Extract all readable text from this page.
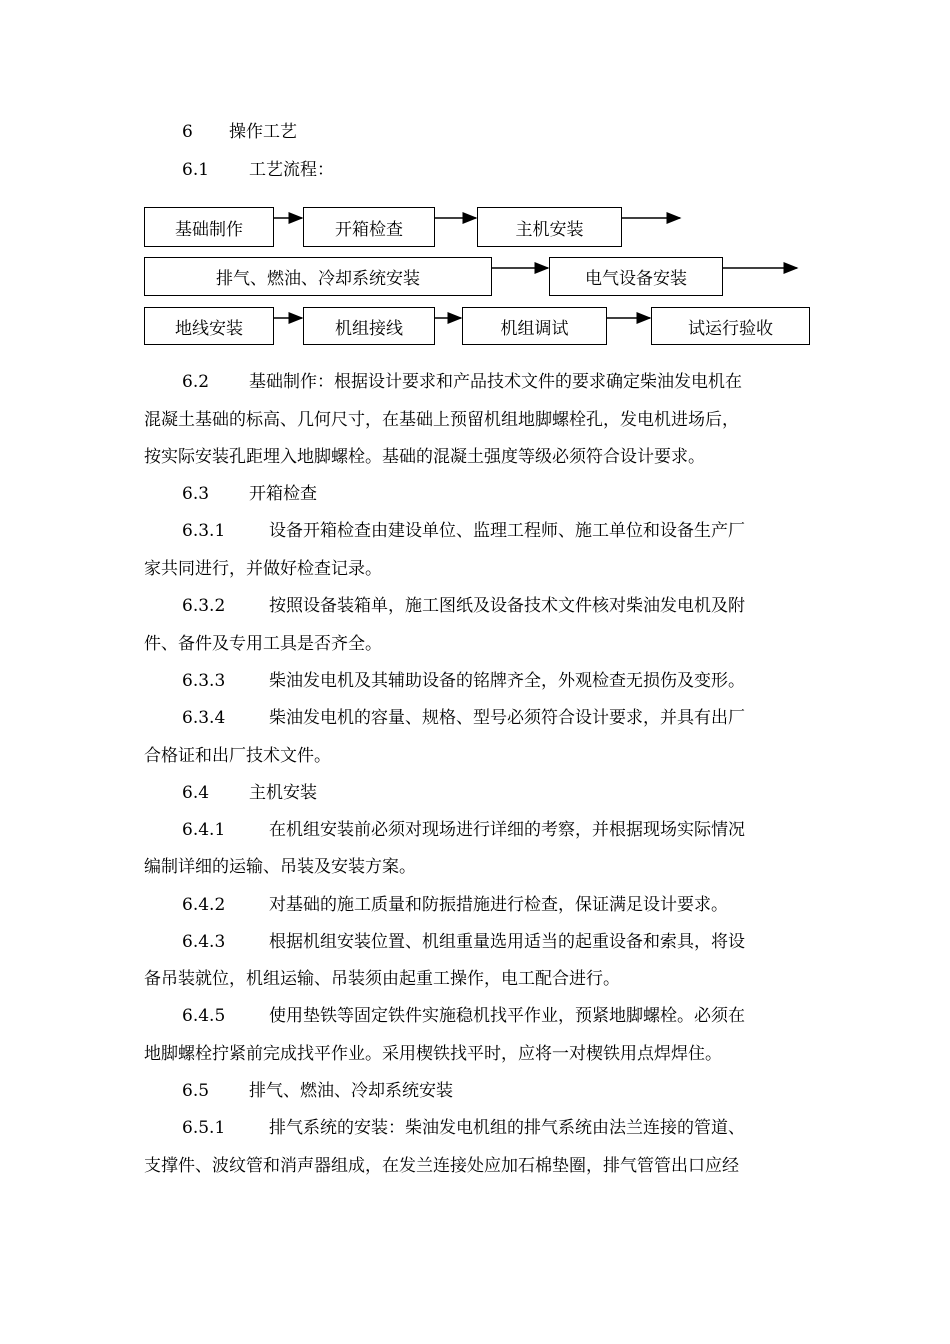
6 操作工艺
6.1 工艺流程：
基础制作	开箱检查	主机安装
排气、燃油、冷却系统安装	电气设备安装
地线安装	机组接线	机组调试	试运行验收
6.2 基础制作：根据设计要求和产品技术文件的要求确定柴油发电机在
混凝土基础的标高、几何尺寸，在基础上预留机组地脚螺栓孔，发电机进场后，
按实际安装孔距埋入地脚螺栓。基础的混凝土强度等级必须符合设计要求。
6.3 开箱检查
6.3.1	设备开箱检查由建设单位、监理工程师、施工单位和设备生产厂
家共同进行，并做好检查记录。
6.3.2	按照设备装箱单，施工图纸及设备技术文件核对柴油发电机及附
件、备件及专用工具是否齐全。
6.3.3	柴油发电机及其辅助设备的铭牌齐全，外观检查无损伤及变形。
6.3.4	柴油发电机的容量、规格、型号必须符合设计要求，并具有出厂
合格证和出厂技术文件。
6.4 主机安装
6.4.1	在机组安装前必须对现场进行详细的考察，并根据现场实际情况
编制详细的运输、吊装及安装方案。
6.4.2	对基础的施工质量和防振措施进行检查，保证满足设计要求。
6.4.3	根据机组安装位置、机组重量选用适当的起重设备和索具，将设
备吊装就位，机组运输、吊装须由起重工操作，电工配合进行。
6.4.5	使用垫铁等固定铁件实施稳机找平作业，预紧地脚螺栓。必须在
地脚螺栓拧紧前完成找平作业。采用楔铁找平时，应将一对楔铁用点焊焊住。
6.5 排气、燃油、冷却系统安装
6.5.1	排气系统的安装：柴油发电机组的排气系统由法兰连接的管道、
支撑件、波纹管和消声器组成，在发兰连接处应加石棉垫圈，排气管管出口应经
